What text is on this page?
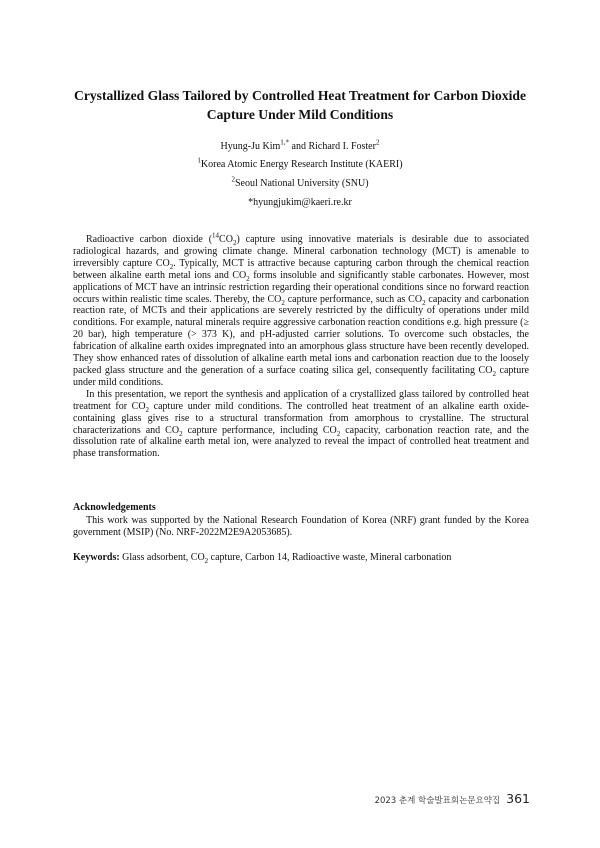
Crystallized Glass Tailored by Controlled Heat Treatment for Carbon Dioxide Capture Under Mild Conditions
Hyung-Ju Kim$^{1,*}$ and Richard I. Foster$^2$
$^1$Korea Atomic Energy Research Institute (KAERI)
$^2$Seoul National University (SNU)
*hyungjukim@kaeri.re.kr

Radioactive carbon dioxide $(^{14}CO_2)$ capture using innovative materials is desirable due to associated radiological hazards, and growing climate change. Mineral carbonation technology (MCT) is amenable to irreversibly capture $CO_2$. Typically, MCT is attractive because capturing carbon through the chemical reaction between alkaline earth metal ions and $CO_2$ forms insoluble and significantly stable carbonates. However, most applications of MCT have an intrinsic restriction regarding their operational conditions since no forward reaction occurs within realistic time scales. Thereby, the $CO_2$ capture performance, such as $CO_2$ capacity and carbonation reaction rate, of MCTs and their applications are severely restricted by the difficulty of operations under mild conditions. For example, natural minerals require aggressive carbonation reaction conditions e.g. high pressure (≥ 20 bar), high temperature (> 373 K), and pH-adjusted carrier solutions. To overcome such obstacles, the fabrication of alkaline earth oxides impregnated into an amorphous glass structure have been recently developed. They show enhanced rates of dissolution of alkaline earth metal ions and carbonation reaction due to the loosely packed glass structure and the generation of a surface coating silica gel, consequently facilitating $CO_2$ capture under mild conditions.

In this presentation, we report the synthesis and application of a crystallized glass tailored by controlled heat treatment for $CO_2$ capture under mild conditions. The controlled heat treatment of an alkaline earth oxide-containing glass gives rise to a structural transformation from amorphous to crystalline. The structural characterizations and $CO_2$ capture performance, including $CO_2$ capacity, carbonation reaction rate, and the dissolution rate of alkaline earth metal ion, were analyzed to reveal the impact of controlled heat treatment and phase transformation.

Acknowledgements

This work was supported by the National Research Foundation of Korea (NRF) grant funded by the Korea government (MSIP) (No. NRF-2022M2E9A2053685).

Keywords: Glass adsorbent, $CO_2$ capture, Carbon 14, Radioactive waste, Mineral carbonation
2023 춘계 학술발표회논문요약집 361
